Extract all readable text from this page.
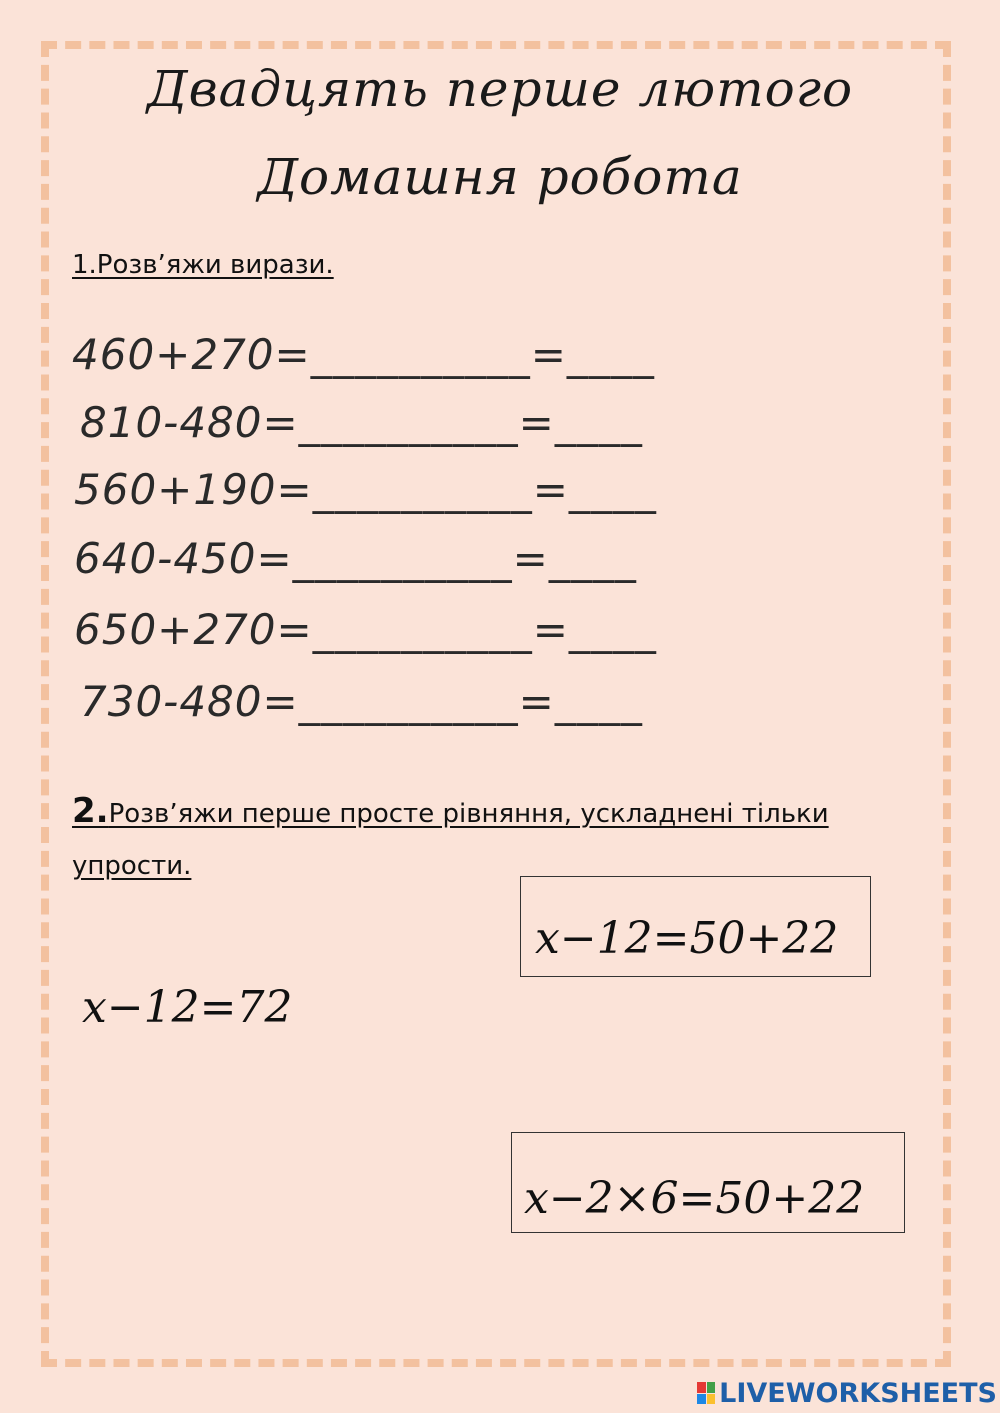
Двадцять перше лютого
Домашня робота
1.Розв’яжи вирази.
460+270=__________=____
810-480=__________=____
560+190=__________=____
640-450=__________=____
650+270=__________=____
730-480=__________=____
2.Розв’яжи перше просте рівняння, ускладнені тільки упрости.
x−12=50+22
x−12=72
x−2×6=50+22
LIVEWORKSHEETS
